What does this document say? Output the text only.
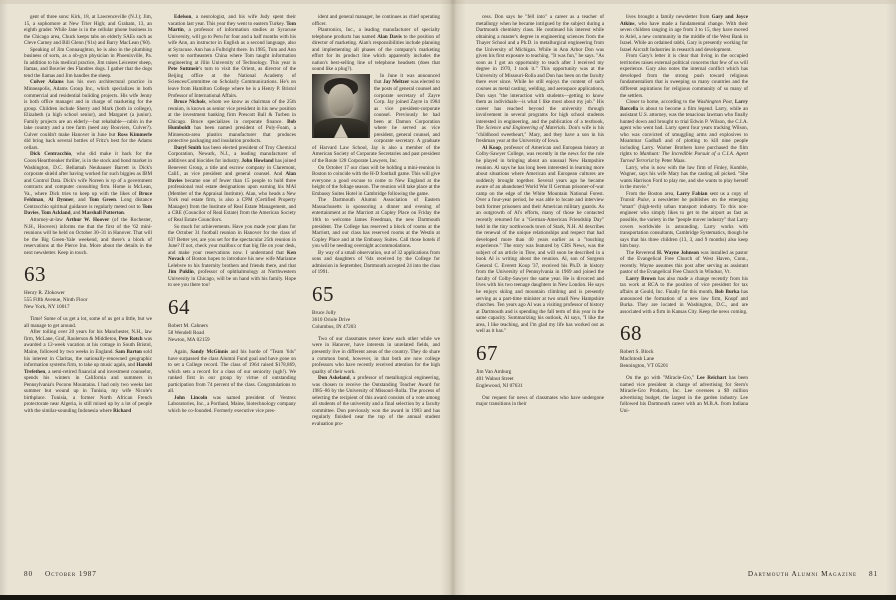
gent of three sons: Kirk, 18, at Lawrenceville (N.J.); Jim, 15, a sophomore at New Trier High; and Graham, 13, an eighth grader. While Jane is in the cellular phone business in the Chicago area, Chuck keeps tabs on elderly SAEs such as Cleve Carney and Bill Glenn ('61s) and Barry MacLean ('60).

Speaking of Jim Connaughton, he is also in the plumbing business of sorts, as a ob-gyn physician in Phoenixville, Pa. In addition to his medical practice, Jim raises Leicester sheep, llamas, and Bouvier des Flandres dogs. I gather that the dogs tend the llamas and Jim handles the sheep.

Culver Adams has his own architectural practice in Minneapolis, Adams Group Inc., which specializes in both commercial and residential building projects. His wife Jenny is both office manager and in charge of marketing for the group. Children include Sherry and Mark (both in college), Elizabeth (a high school senior), and Margaret (a junior). Family projects are an elderly—but rehabable—cabin in the lake country and a tree farm (need any Bouviers, Culver?). Culver couldn't make Hanover in June but Ross Kimmerle did bring back several bottles of Fritz's best for the Adams cellars.

Dick Centracchio, who did make it back for the Coors/Heartbreaker thriller, is in the stock and bond market in Washington, D.C. Bellamah Neuhauser Barrett is Dick's corporate shield after having worked for such biggies as IBM and Control Data. Dick's wife Noreen is vp of a government contracts and computer consulting firm. Home is McLean, Va., where Dick tries to keep up with the likes of Bruce Feldman, Al Dynner, and Tom Green. Long distance Centracchio spiritual guidance is regularly meted out to Tom Davies, Tom Ackland, and Marshall Potterton.

Attorney-at-law Arthur W. Hoover (of the Rochester, N.H., Hoovers) informs me that the first of the '62 mini-reunions will be held on October 30–31 in Hanover. That will be the Big Green-Yale weekend, and there's a block of reservations at the Pierce Inn. More about the details in the next newsletter. Keep in touch.

63
Henry R. Zlokower
555 Fifth Avenue, Ninth Floor
New York, NY 10017

Time! Some of us get a lot, some of us get a little, but we all manage to get around.

After toiling over 20 years for his Manchester, N.H., law firm, McLane, Graf, Raulerson & Middleton, Pete Rotch was awarded a 12-week vacation at his cottage in South Bristol, Maine, followed by two weeks in England. Sam Barton sold his interest in Claritas, the nationally-renowned geographic information systems firm, to take up music again, and Harold Trefethen, a semi-retired financial and investment counselor, spends his winters in California and summers in Pennsylvania's Pocono Mountains. I had only two weeks last summer but wound up in Tunisia, my wife Nicole's birthplace. Tunisia, a former North African French protectorate near Algeria, is still mixed up by a lot of people with the similar-sounding Indonesia where Richard

Edelson, a neurologist, and his wife Judy spent their vacation last year. This year they went to eastern Turkey. Tom Martin, a professor of information studies at Syracuse University, will go to Peru for four and a half months with his wife Ann, an instructor in English as a second language, also at Syracuse. Ann has a Fulbright there. In 1985, Tom and Ann went to northeastern China where Tom taught information engineering at Jilin University of Technology. This year is Pete Suttmeir's turn to visit the Orient, as director of the Beijing office at the National Academy of Sciences/Committee on Scholarly Communications. He's on leave from Hamilton College where he is a Henry P. Bristol Professor of International Affairs.

Bruce Nichols, whom we know as chairman of the 25th reunion, is known as senior vice president in his new position at the investment banking firm Prescott Ball & Turben in Chicago. Bruce specializes in corporate finance. Bob Humboldt has been named president of Poly-Foam, a Minnesota-area plastics manufacturer that produces protective packaging and insulation products.

Daryl Smith has been elected president of Troy Chemical Corporation, Newark, N.J., a leading manufacturer of additives and biocides for industry. John Howland has joined Benevest Group, a title and escrow company in Claremont, Calif., as vice president and general counsel. And Alan Davies became one of fewer than 15 people to hold three professional real estate designations upon earning his MAI (Member of the Appraisal Institute). Alan, who heads a New York real estate firm, is also a CPM (Certified Property Manager) from the Institute of Real Estate Management, and a CRE (Councilor of Real Estate) from the American Society of Real Estate Councilors.

So much for achievements. Have you made your plans for the October 31 football reunion in Hanover for the class of 63? Better yet, are you set for the spectacular 25th reunion in June? If not, check your mailbox or that big file on your desk, and make your reservations now. I understand that Ken Novack of Boston hopes to introduce his new wife Marianne Lelebvre to his fraternity brothers and friends there, and that Jim Puklin, professor of ophthalmology at Northwestern University in Chicago, will be on hand with his family. Hope to see you there too!

64
Robert M. Cahners
58 Wendell Road
Newton, MA 02159

Again, Sandy McGinnis and his horde of "Team '64s" have surpassed the class Alumni Fund goal and have gone on to set a College record. The class of 1964 raised $178,869, which sets a record for a class of our seniority (ugh!). We ranked first in our group by virtue of outstanding participation from 74 percent of the class. Congratulations to all.

John Lincoln was named president of Ventrex Laboratories, Inc., a Portland, Maine, biotechnology company which he co-founded. Formerly executive vice pres-

ident and general manager, he continues as chief operating officer.

Plantronics, Inc., a leading manufacturer of specialty telephone products has named Alan Davis to the position of director of marketing. Alan's responsibilities include planning and implementing all phases of the company's marketing effort for its product line which apparently includes the nation's best-selling line of telephone headsets (does that sound like a plug?).

In June it was announced that Jay Meltzer was elected to the posts of general counsel and corporate secretary of Zayre Corp. Jay joined Zayre in 1984 as vice president-corporate counsel. Previously he had been at Damon Corporation where he served as vice president, general counsel, and corporate secretary. A graduate of Harvard Law School, Jay is also a member of the American Society of Corporate Secretaries and past president of the Route 128 Corporate Lawyers, Inc.

On October 17 our class will be holding a mini-reunion in Boston to coincide with the H-D football game. This will give everyone a good excuse to come to New England at the height of the foliage season. The reunion will take place at the Embassy Suites Hotel in Cambridge following the game.

The Dartmouth Alumni Association of Eastern Massachusetts is sponsoring a dinner and evening of entertainment at the Marriott at Copley Place on Friday the 16th to welcome James Freedman, the new Dartmouth president. The College has reserved a block of rooms at the Marriott, and our class has reserved rooms at the Westin at Copley Place and at the Embassy Suites. Call those hotels if you will be needing overnight accommodations.

By way of a small observation, out of 32 applications from sons and daughters of '64s received by the College for admission in September, Dartmouth accepted 24 into the class of 1991.

65
Bruce Jolly
3610 Oriole Drive
Columbus, IN 47203

Two of our classmates never knew each other while we were in Hanover, have interests in unrelated fields, and presently live in different areas of the country. They do share a common bond, however, in that both are now college professors who have recently received attention for the high quality of their work.

Don Askeland, a professor of metallurgical engineering, was chosen to receive the Outstanding Teacher Award for 1985–86 by the University of Missouri-Rolla. The process of selecting the recipient of this award consists of a vote among all students of the university and a final selection by a faculty committee. Don previously won the award in 1983 and has regularly finished near the top of the annual student evaluation pro-

80 October 1987

cess. Don says he "fell into" a career as a teacher of metallurgy when he became intrigued by the subject during a Dartmouth chemistry class. He continued his interest while obtaining a master's degree in engineering sciences from the Thayer School and a Ph.D. in metallurgical engineering from the University of Michigan. While in Ann Arbor Don was given his first exposure to teaching. "It was fun," he says. "As soon as I got an opportunity to teach after I received my degree in 1970, I took it." This opportunity was at the University of Missouri-Rolla and Don has been on the faculty there ever since. While he still enjoys the content of such courses as metal casting, welding, and aerospace applications, Don says "the interaction with students—getting to know them as individuals—is what I like most about my job." His career has reached beyond the university through involvement in several programs for high school students interested in engineering, and the publication of a textbook, The Science and Engineering of Materials. Don's wife is his "childhood sweetheart," Mary, and they have a son in his freshman year at the University of Iowa.

Al Koop, professor of American and European history at Colby-Sawyer College, was recently in the news for the role he played in bringing about an unusual New Hampshire reunion. Al says he has long been interested in learning more about situations where American and European cultures are suddenly brought together. Several years ago he became aware of an abandoned World War II German prisoner-of-war camp on the edge of the White Mountain National Forest. Over a four-year period, he was able to locate and interview both former prisoners and their American military guards. As an outgrowth of Al's efforts, many of those he contacted recently returned for a "German-American Friendship Day" held in the tiny northwoods town of Stark, N.H. Al describes the renewal of the unique relationships and respect that had developed more than 40 years earlier as a "touching experience." The story was featured by CBS News, was the subject of an article in Time, and will soon be described in a book Al is writing about the reunion. Al, son of Surgeon General C. Everett Koop '37, received his Ph.D. in history from the University of Pennsylvania in 1969 and joined the faculty of Colby-Sawyer the same year. He is divorced and lives with his two teenage daughters in New London. He says he enjoys skiing and mountain climbing and is presently serving as a part-time minister at two small New Hampshire churches. Ten years ago Al was a visiting professor of history at Dartmouth and is spending the fall term of this year in the same capacity. Summarizing his outlook, Al says, "I like the area, I like teaching, and I'm glad my life has worked out as well as it has."

67
Jim Van Amburg
401 Walnut Street
Englewood, NJ 07631

Our request for news of classmates who have undergone major transitions in their

lives brought a family newsletter from Gary and Joyce Atkins, who have made a fundamental change. With their seven children ranging in age from 3 to 15, they have moved to Ariel, a new community in the middle of the West Bank in Israel. While an ordained rabbi, Gary is presently working for Israel Aircraft Industries in research and development.

From Gary's letter it is clear that living in the occupied territories raises external political concerns that few of us will experience. Gary also notes the internal conflict which has developed from the strong push toward religious fundamentalism that is sweeping so many countries and the different aspirations for religious community of so many of the settlers.

Closer to home, according to the Washington Post, Larry Barcella is about to become a film legend. Larry, while an assistant U.S. attorney, was the tenacious lawman who finally hunted down and brought to trial Edwin P. Wilson, the C.I.A. agent who went bad. Larry spent four years tracking Wilson, who was convicted of smuggling arms and explosives to Moammar Gadhafi and of plotting to kill nine people including Larry. Warner Brothers have purchased the film rights to Manhunt: The Incredible Pursuit of a C.I.A. Agent Turned Terrorist by Peter Maas.

Larry, who is now with the law firm of Finley, Kumble, Wagner, says his wife Mary has the casting all picked. "She wants Harrison Ford to play me, and she wants to play herself in the movie."

From the Boston area, Larry Fabian sent us a copy of Transit Pulse, a newsletter he publishes on the emerging "smart" (high-tech) urban transport industry. To this non-engineer who simply likes to get to the airport as fast as possible, the variety in the "people mover industry" that Larry covers worldwide is astounding. Larry works with transportation consultants, Cambridge Systematics, though he says that his three children (13, 3, and 9 months) also keep him busy.

The Reverend H. Wayne Johnson was installed as pastor of the Evangelical Free Church of West Haven, Conn., recently. Wayne assumes this post after serving as assistant pastor of the Evangelical Free Church in Windsor, Vt.

Larry Brown has also made a change recently from his tax work at RCA to the position of vice president for tax affairs at Gould, Inc. Finally for this month, Bob Burka has announced the formation of a new law firm, Knopf and Burka. They are located in Washington, D.C., and are associated with a firm in Kansas City. Keep the news coming.

68
Robert S. Block
MacIntosh Lane
Bennington, VT 05201

On the go with "Miracle-Gro," Lee Reichart has been named vice president in charge of advertising for Stern's Miracle-Gro Products, Inc. Lee oversees a $9 million advertising budget, the largest in the garden industry. Lee followed his Dartmouth career with an M.B.A. from Indiana Uni-

Dartmouth Alumni Magazine 81
